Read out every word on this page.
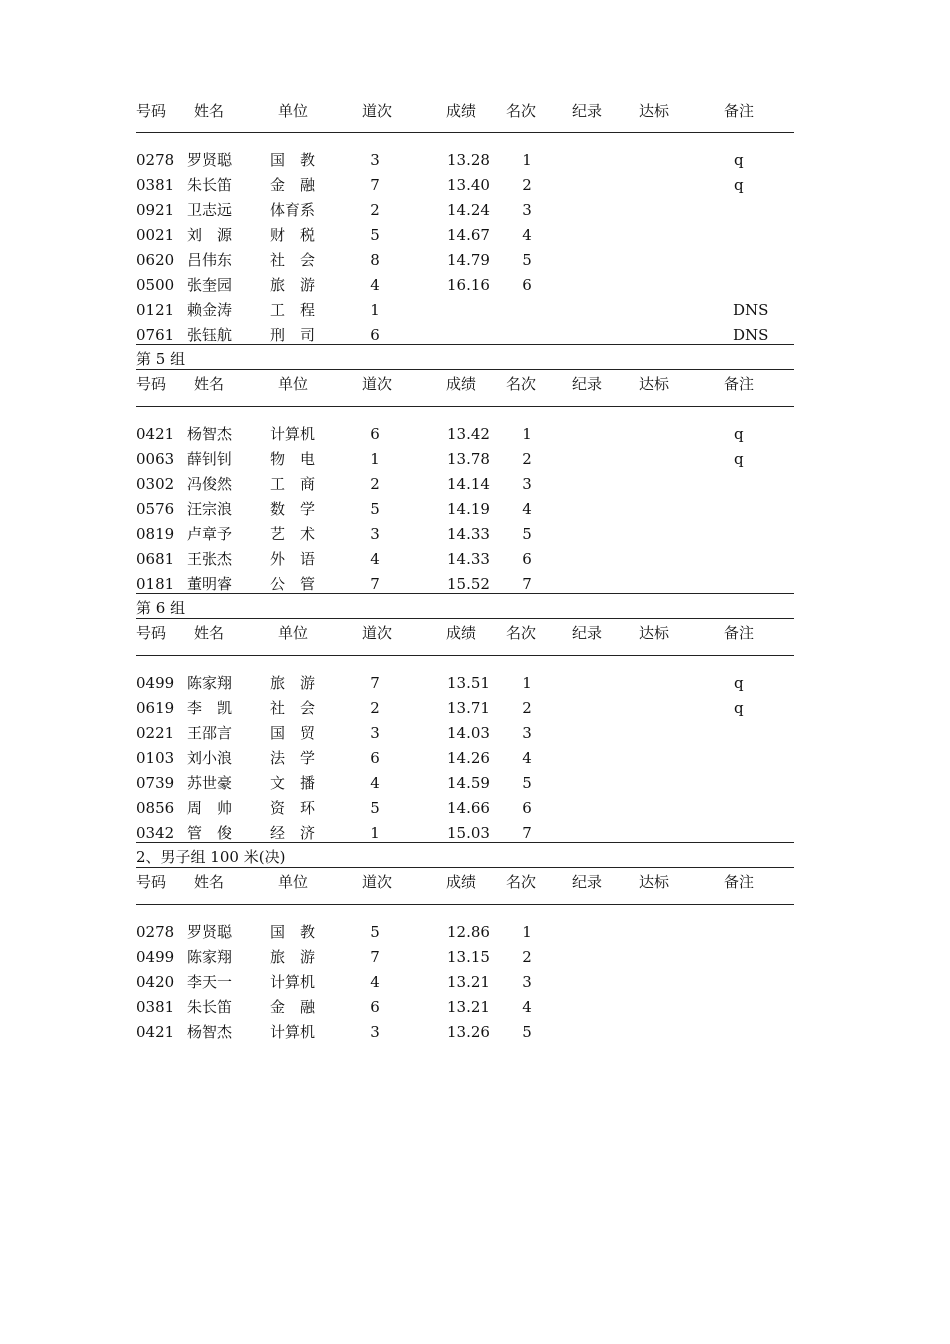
号码 姓名	单位	道次	成绩 名次 纪录 达标	备注
0278 罗贤聪	国　教	3	13.28 1	q
0381 朱长笛	金　融	7	13.40 2	q
0921 卫志远	体育系	2	14.24 3
0021 刘　源	财　税	5	14.67 4
0620 吕伟东	社　会	8	14.79 5
0500 张奎园	旅　游	4	16.16 6
0121 赖金涛	工　程	1	DNS
0761 张钰航	刑　司	6	DNS
第 5 组
号码 姓名	单位	道次	成绩 名次 纪录 达标	备注
0421 杨智杰	计算机	6	13.42 1	q
0063 薛钊钊	物　电	1	13.78 2	q
0302 冯俊然	工　商	2	14.14 3
0576 汪宗浪	数　学	5	14.19 4
0819 卢章予	艺　术	3	14.33 5
0681 王张杰	外　语	4	14.33 6
0181 董明睿	公　管	7	15.52 7
第 6 组
号码 姓名	单位	道次	成绩 名次 纪录 达标	备注
0499 陈家翔	旅　游	7	13.51 1	q
0619 李　凯	社　会	2	13.71 2	q
0221 王邵言	国　贸	3	14.03 3
0103 刘小浪	法　学	6	14.26 4
0739 苏世豪	文　播	4	14.59 5
0856 周　帅	资　环	5	14.66 6
0342 管　俊	经　济	1	15.03 7
2、男子组 100 米(决)
号码 姓名	单位	道次	成绩 名次 纪录 达标	备注
0278 罗贤聪	国　教	5	12.86 1
0499 陈家翔	旅　游	7	13.15 2
0420 李天一	计算机	4	13.21 3
0381 朱长笛	金　融	6	13.21 4
0421 杨智杰	计算机	3	13.26 5
